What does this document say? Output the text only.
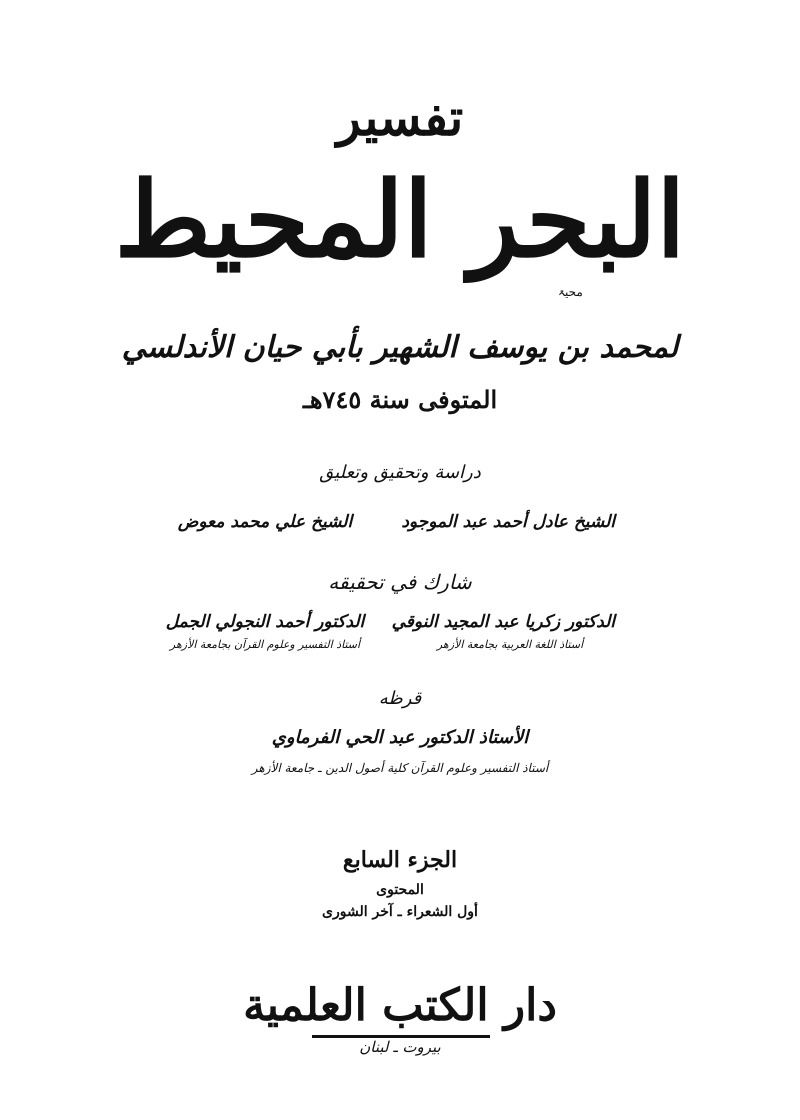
تفسير
البحر المحيط
محیۃ
لمحمد بن يوسف الشهير بأبي حيان الأندلسي
المتوفى سنة ٧٤٥هـ
دراسة وتحقيق وتعليق
الشيخ عادل أحمد عبد الموجود
الشيخ علي محمد معوض
شارك في تحقيقه
الدكتور زكريا عبد المجيد النوقي
أستاذ اللغة العربية بجامعة الأزهر
الدكتور أحمد النجولي الجمل
أستاذ التفسير وعلوم القرآن بجامعة الأزهر
قرظه
الأستاذ الدكتور عبد الحي الفرماوي
أستاذ التفسير وعلوم القرآن كلية أصول الدين ـ جامعة الأزهر
الجزء السابع
المحتوى
أول الشعراء ـ آخر الشورى
دار الكتب العلمية
بيروت ـ لبنان
